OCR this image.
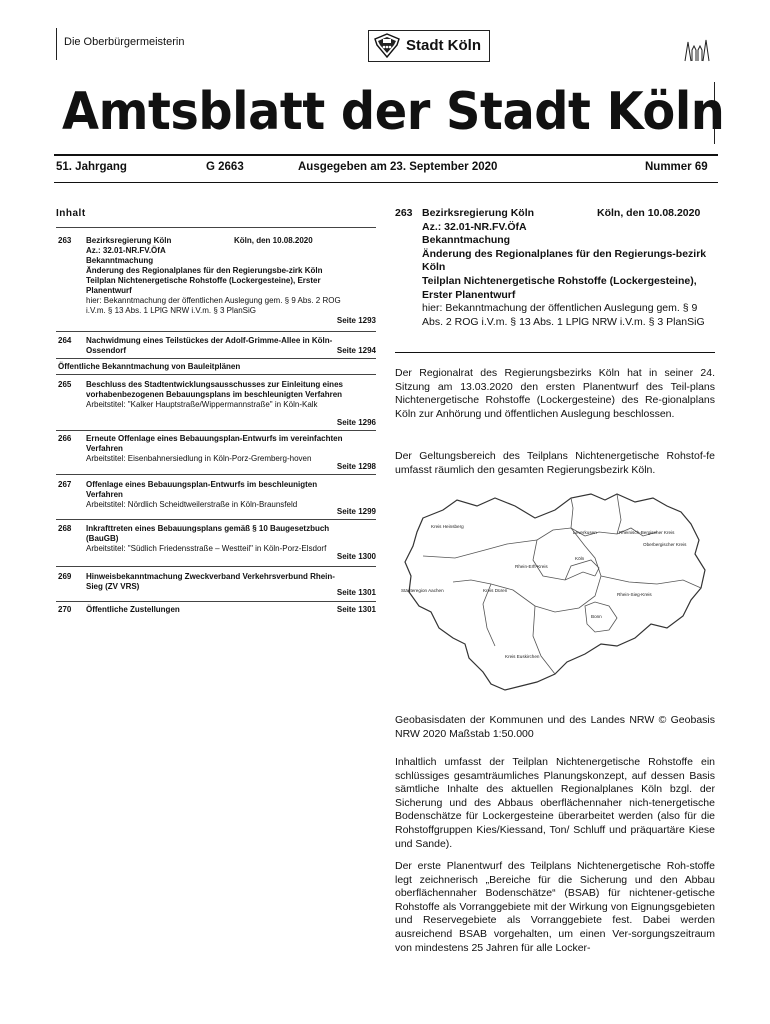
Die Oberbürgermeisterin	Stadt Köln
Amtsblatt der Stadt Köln
51. Jahrgang	G 2663	Ausgegeben am 23. September 2020	Nummer 69
Inhalt
263 Bezirksregierung Köln
Az.: 32.01-NR.FV.ÖfA
Bekanntmachung
Änderung des Regionalplanes für den Regierungsbe-zirk Köln
Teilplan Nichtenergetische Rohstoffe (Lockergesteine), Erster Planentwurf
hier: Bekanntmachung der öffentlichen Auslegung gem. § 9 Abs. 2 ROG i.V.m. § 13 Abs. 1 LPlG NRW i.V.m. § 3 PlanSiG
Köln, den 10.08.2020
Seite 1293
264 Nachwidmung eines Teilstückes der Adolf-Grimme-Allee in Köln-Ossendorf	Seite 1294
Öffentliche Bekanntmachung von Bauleitplänen
265 Beschluss des Stadtentwicklungsausschusses zur Einleitung eines vorhabenbezogenen Bebauungsplans im beschleunigten Verfahren
Arbeitstitel: "Kalker Hauptstraße/Wippermannstraße" in Köln-Kalk
Seite 1296
266 Erneute Offenlage eines Bebauungsplan-Entwurfs im vereinfachten Verfahren
Arbeitstitel: Eisenbahnersiedlung in Köln-Porz-Gremberg-hoven
Seite 1298
267 Offenlage eines Bebauungsplan-Entwurfs im beschleunigten Verfahren
Arbeitstitel: Nördlich Scheidtweilerstraße in Köln-Braunsfeld
Seite 1299
268 Inkrafttreten eines Bebauungsplans gemäß § 10 Baugesetzbuch (BauGB)
Arbeitstitel: "Südlich Friedensstraße – Westteil" in Köln-Porz-Elsdorf
Seite 1300
269 Hinweisbekanntmachung Zweckverband Verkehrsverbund Rhein-Sieg (ZV VRS)
Seite 1301
270 Öffentliche Zustellungen	Seite 1301
263 Bezirksregierung Köln	Köln, den 10.08.2020
Az.: 32.01-NR.FV.ÖfA
Bekanntmachung
Änderung des Regionalplanes für den Regierungs-bezirk Köln
Teilplan Nichtenergetische Rohstoffe (Lockergesteine), Erster Planentwurf
hier: Bekanntmachung der öffentlichen Auslegung gem. § 9 Abs. 2 ROG i.V.m. § 13 Abs. 1 LPlG NRW i.V.m. § 3 PlanSiG
Der Regionalrat des Regierungsbezirks Köln hat in seiner 24. Sitzung am 13.03.2020 den ersten Planentwurf des Teil-plans Nichtenergetische Rohstoffe (Lockergesteine) des Re-gionalplans Köln zur Anhörung und öffentlichen Auslegung beschlossen.
Der Geltungsbereich des Teilplans Nichtenergetische Rohstof-fe umfasst räumlich den gesamten Regierungsbezirk Köln.
Kreis Heinsberg
Leverkusen	Rheinisch-Bergischer Kreis
Oberbergischer Kreis
Rhein-Erft-Kreis
Köln
Städteregion Aachen	Kreis Düren
Rhein-Sieg-Kreis
Bonn
Kreis Euskirchen
Geobasisdaten der Kommunen und des Landes NRW © Geobasis NRW 2020 Maßstab 1:50.000
Inhaltlich umfasst der Teilplan Nichtenergetische Rohstoffe ein schlüssiges gesamträumliches Planungskonzept, auf dessen Basis sämtliche Inhalte des aktuellen Regionalplanes Köln bzgl. der Sicherung und des Abbaus oberflächennaher nich-tenergetische Bodenschätze für Lockergesteine überarbeitet werden (also für die Rohstoffgruppen Kies/Kiessand, Ton/ Schluff und präquartäre Kiese und Sande).
Der erste Planentwurf des Teilplans Nichtenergetische Roh-stoffe legt zeichnerisch „Bereiche für die Sicherung und den Abbau oberflächennaher Bodenschätze“ (BSAB) für nichtener-getische Rohstoffe als Vorranggebiete mit der Wirkung von Eignungsgebieten und Reservegebiete als Vorranggebiete fest. Dabei werden ausreichend BSAB vorgehalten, um einen Ver-sorgungszeitraum von mindestens 25 Jahren für alle Locker-
